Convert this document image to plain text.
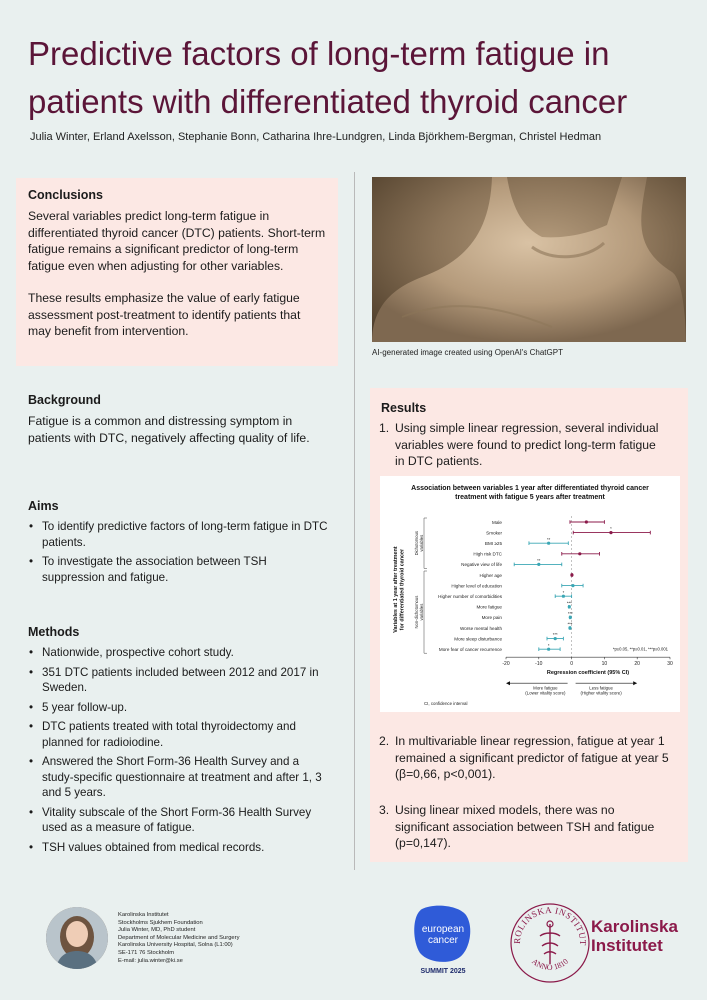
Predictive factors of long-term fatigue in patients with differentiated thyroid cancer
Julia Winter, Erland Axelsson, Stephanie Bonn, Catharina Ihre-Lundgren, Linda Björkhem-Bergman, Christel Hedman
Conclusions

Several variables predict long-term fatigue in differentiated thyroid cancer (DTC) patients. Short-term fatigue remains a significant predictor of long-term fatigue even when adjusting for other variables.

These results emphasize the value of early fatigue assessment post-treatment to identify patients that may benefit from intervention.

Background

Fatigue is a common and distressing symptom in patients with DTC, negatively affecting quality of life.

Aims
• To identify predictive factors of long-term fatigue in DTC patients.
• To investigate the association between TSH suppression and fatigue.
Methods
• Nationwide, prospective cohort study.
• 351 DTC patients included between 2012 and 2017 in Sweden.
• 5 year follow-up.
• DTC patients treated with total thyroidectomy and planned for radioiodine.
• Answered the Short Form-36 Health Survey and a study-specific questionnaire at treatment and after 1, 3 and 5 years.
• Vitality subscale of the Short Form-36 Health Survey used as a measure of fatigue.
• TSH values obtained from medical records.
AI-generated image created using OpenAI's ChatGPT
Results
1. Using simple linear regression, several individual variables were found to predict long-term fatigue in DTC patients.
2. In multivariable linear regression, fatigue at year 1 remained a significant predictor of fatigue at year 5 (β=0,66, p<0,001).
3. Using linear mixed models, there was no significant association between TSH and fatigue (p=0,147).
Association between variables 1 year after differentiated thyroid cancer
treatment with fatigue 5 years after treatment
-20	-10	0	10	20	30
Regression coefficient (95% CI)
Male
Smoker
*
BMI ≥25
**
High risk DTC
Negative view of life
**
Higher age
Higher level of education
Higher number of comorbidities
*
More fatigue
***
More pain
***
Worse mental health
***
More sleep disturbance
***
More fear of cancer recurrence
*
Dichotomousvariables
Non-dichotomousvariables
Variables at 1 year after treatmentfor differentiated thyroid cancer
*p≤0.05, **p≤0.01, ***p≤0.001
More fatigue
(Lower vitality score)
Less fatigue
(Higher vitality score)
CI, confidence interval
Karolinska Institutet
Stockholms Sjukhem Foundation
Julia Winter, MD, PhD student
Department of Molecular Medicine and Surgery
Karolinska University Hospital, Solna (L1:00)
SE-171 76 Stockholm
E-mail: julia.winter@ki.se
european
cancer
SUMMIT 2025
ROLINSKA INSTITUT
ANNO 1810
Karolinska
Institutet
